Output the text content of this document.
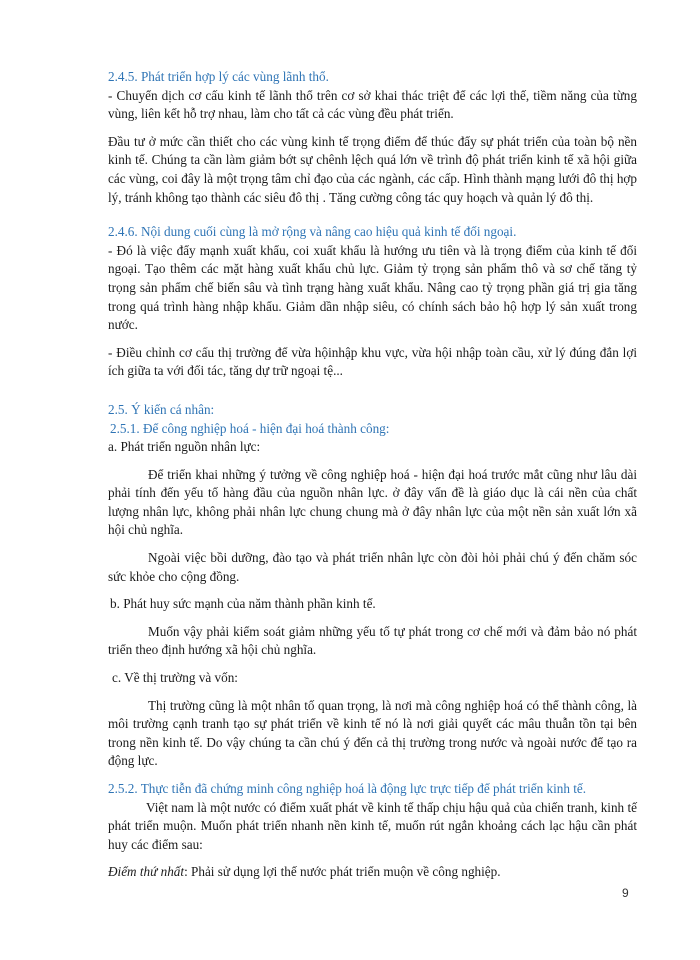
2.4.5. Phát triển hợp lý các vùng lãnh thổ.

- Chuyển dịch cơ cấu kinh tế lãnh thổ trên cơ sở khai thác triệt để các lợi thế, tiềm năng của từng vùng, liên kết hỗ trợ nhau, làm cho tất cả các vùng đều phát triển.

Đầu tư ở mức cần thiết cho các vùng kinh tế trọng điểm để thúc đẩy sự phát triển của toàn bộ nền kinh tế. Chúng ta cần làm giảm bớt sự chênh lệch quá lớn về trình độ phát triển kinh tế xã hội giữa các vùng, coi đây là một trọng tâm chỉ đạo của các ngành, các cấp. Hình thành mạng lưới đô thị hợp lý, tránh không tạo thành các siêu đô thị . Tăng cường công tác quy hoạch và quản lý đô thị.

2.4.6. Nội dung cuối cùng là mở rộng và nâng cao hiệu quả kinh tế đối ngoại.

- Đó là việc đẩy mạnh xuất khẩu, coi xuất khẩu là hướng ưu tiên và là trọng điểm của kinh tế đối ngoại. Tạo thêm các mặt hàng xuất khẩu chủ lực. Giảm tỷ trọng sản phẩm thô và sơ chế tăng tỷ trọng sản phẩm chế biến sâu và tình trạng hàng xuất khẩu. Nâng cao tỷ trọng phần giá trị gia tăng trong quá trình hàng nhập khẩu. Giảm dần nhập siêu, có chính sách bảo hộ hợp lý sản xuất trong nước.

- Điều chỉnh cơ cấu thị trường để vừa hộinhập khu vực, vừa hội nhập toàn cầu, xử lý đúng đắn lợi ích giữa ta với đối tác, tăng dự trữ ngoại tệ...

2.5. Ý kiến cá nhân:

2.5.1. Để công nghiệp hoá - hiện đại hoá thành công:

a. Phát triển nguồn nhân lực:

Để triển khai những ý tưởng về công nghiệp hoá - hiện đại hoá trước mắt cũng như lâu dài phải tính đến yếu tố hàng đầu của nguồn nhân lực. ở đây vấn đề là giáo dục là cái nền của chất lượng nhân lực, không phải nhân lực chung chung mà ở đây nhân lực của một nền sản xuất lớn xã hội chủ nghĩa.

Ngoài việc bồi dưỡng, đào tạo và phát triển nhân lực còn đòi hỏi phải chú ý đến chăm sóc sức khỏe cho cộng đồng.

b. Phát huy sức mạnh của năm thành phần kinh tế.

Muốn vậy phải kiểm soát giảm những yếu tố tự phát trong cơ chế mới và đảm bảo nó phát triển theo định hướng xã hội chủ nghĩa.

c. Về thị trường và vốn:

Thị trường cũng là một nhân tố quan trọng, là nơi mà công nghiệp hoá có thể thành công, là môi trường cạnh tranh tạo sự phát triển về kinh tế nó là nơi giải quyết các mâu thuẫn tồn tại bên trong nền kinh tế. Do vậy chúng ta cần chú ý đến cả thị trường trong nước và ngoài nước để tạo ra động lực.

2.5.2. Thực tiễn đã chứng minh công nghiệp hoá là động lực trực tiếp để phát triển kinh tế.

Việt nam là một nước có điểm xuất phát về kinh tế thấp chịu hậu quả của chiến tranh, kinh tế phát triển muộn. Muốn phát triển nhanh nền kinh tế, muốn rút ngắn khoảng cách lạc hậu cần phát huy các điểm sau:

Điểm thứ nhất: Phải sử dụng lợi thế nước phát triển muộn về công nghiệp.

9
